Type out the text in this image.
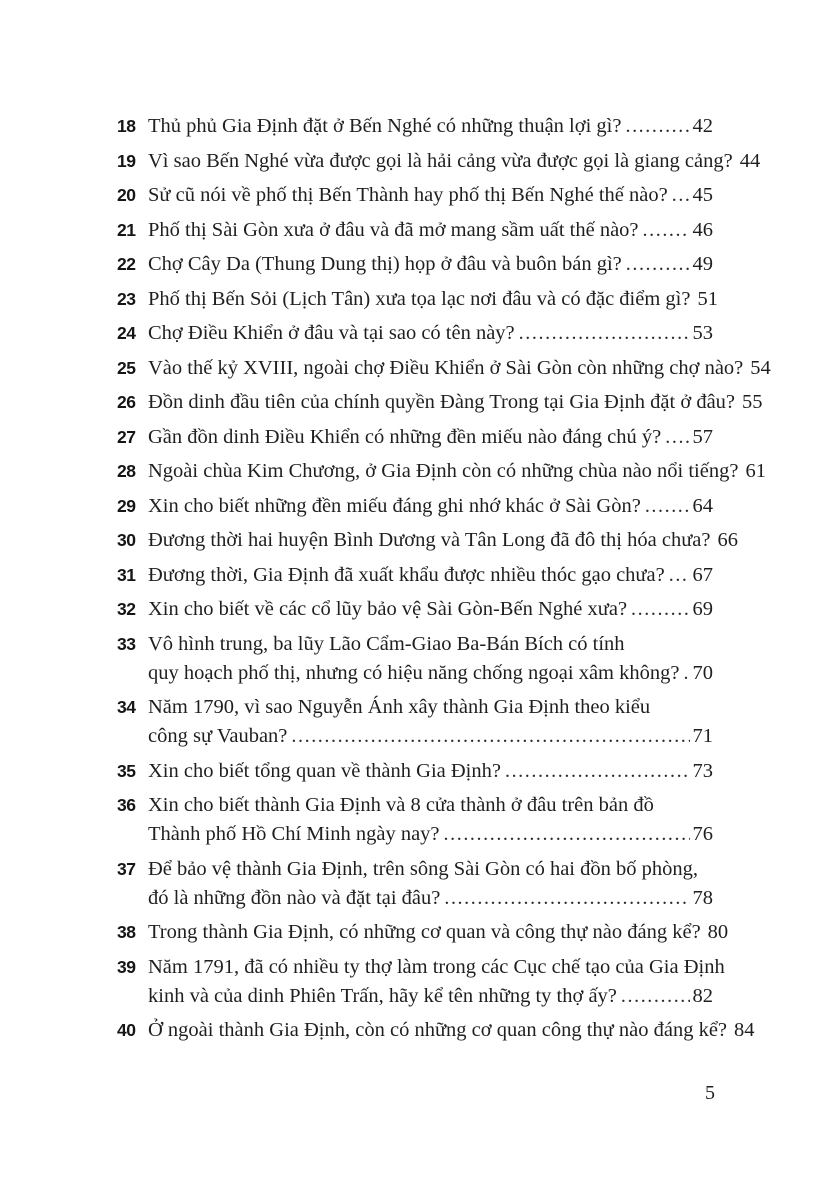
18 Thủ phủ Gia Định đặt ở Bến Nghé có những thuận lợi gì? .....	42
19 Vì sao Bến Nghé vừa được gọi là hải cảng vừa được gọi là giang cảng? 44
20 Sử cũ nói về phố thị Bến Thành hay phố thị Bến Nghé thế nào? ..... 45
21 Phố thị Sài Gòn xưa ở đâu và đã mở mang sầm uất thế nào? .....	46
22 Chợ Cây Da (Thung Dung thị) họp ở đâu và buôn bán gì? .....	49
23 Phố thị Bến Sỏi (Lịch Tân) xưa tọa lạc nơi đâu và có đặc điểm gì? 51
24 Chợ Điều Khiển ở đâu và tại sao có tên này? .....	53
25 Vào thế kỷ XVIII, ngoài chợ Điều Khiển ở Sài Gòn còn những chợ nào? 54
26 Đồn dinh đầu tiên của chính quyền Đàng Trong tại Gia Định đặt ở đâu? 55
27 Gần đồn dinh Điều Khiển có những đền miếu nào đáng chú ý? ..... 57
28 Ngoài chùa Kim Chương, ở Gia Định còn có những chùa nào nổi tiếng? 61
29 Xin cho biết những đền miếu đáng ghi nhớ khác ở Sài Gòn? .....	64
30 Đương thời hai huyện Bình Dương và Tân Long đã đô thị hóa chưa? 66
31 Đương thời, Gia Định đã xuất khẩu được nhiều thóc gạo chưa? ..... 67
32 Xin cho biết về các cổ lũy bảo vệ Sài Gòn-Bến Nghé xưa? .....	69
33 Vô hình trung, ba lũy Lão Cẩm-Giao Ba-Bán Bích có tính
quy hoạch phố thị, nhưng có hiệu năng chống ngoại xâm không? ..... 70
34 Năm 1790, vì sao Nguyễn Ánh xây thành Gia Định theo kiểu
công sự Vauban? .....	71
35 Xin cho biết tổng quan về thành Gia Định? .....	73
36 Xin cho biết thành Gia Định và 8 cửa thành ở đâu trên bản đồ
Thành phố Hồ Chí Minh ngày nay? .....	76
37 Để bảo vệ thành Gia Định, trên sông Sài Gòn có hai đồn bố phòng,
đó là những đồn nào và đặt tại đâu? .....	78
38 Trong thành Gia Định, có những cơ quan và công thự nào đáng kể? 80
39 Năm 1791, đã có nhiều ty thợ làm trong các Cục chế tạo của Gia Định
kinh và của dinh Phiên Trấn, hãy kể tên những ty thợ ấy? .....	82
40 Ở ngoài thành Gia Định, còn có những cơ quan công thự nào đáng kể? 84
5
